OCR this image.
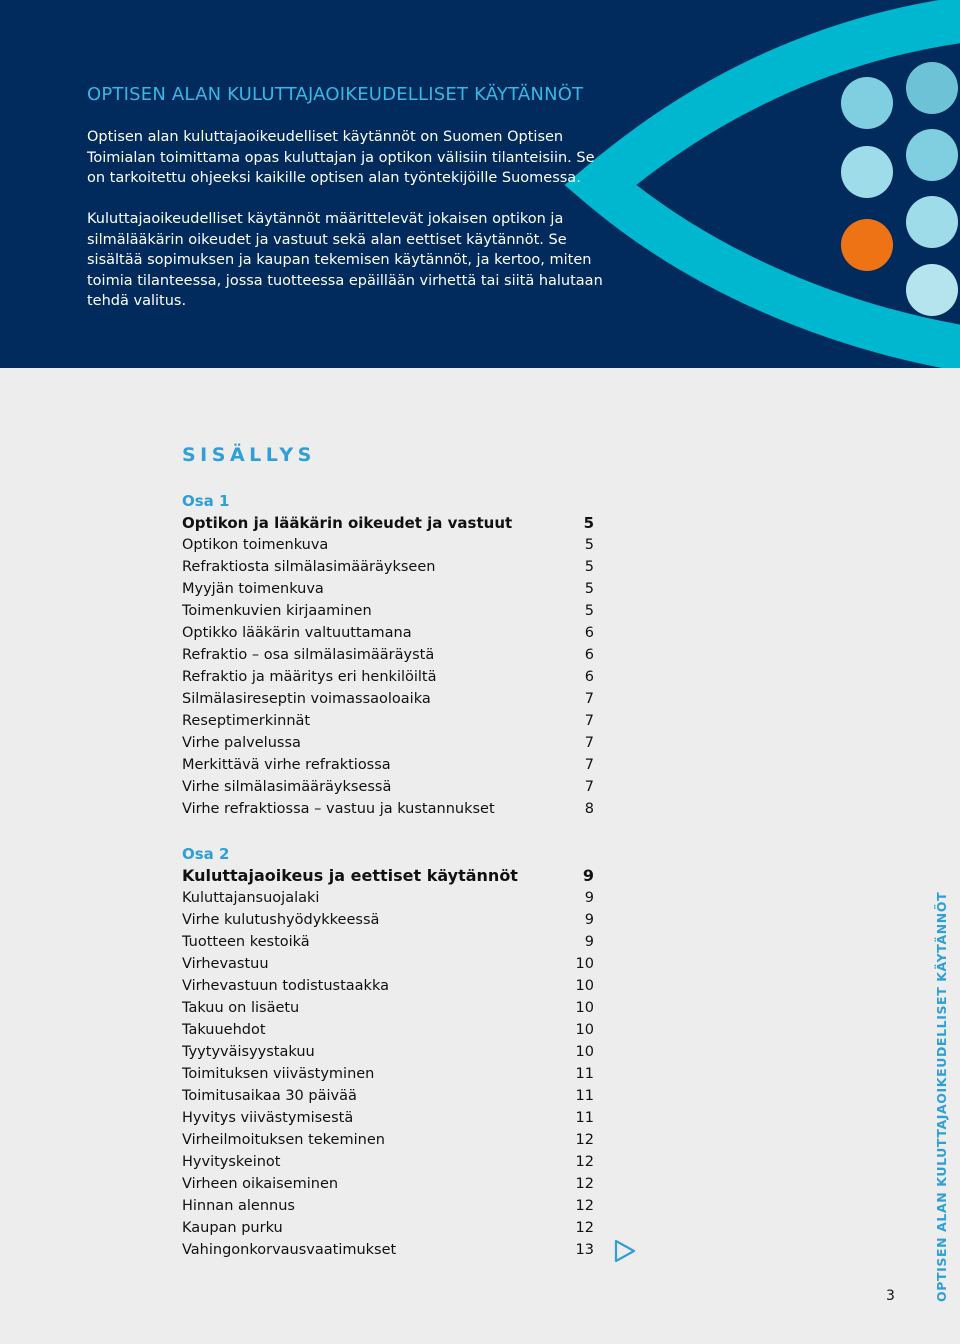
OPTISEN ALAN KULUTTAJAOIKEUDELLISET KÄYTÄNNÖT

Optisen alan kuluttajaoikeudelliset käytännöt on Suomen Optisen Toimialan toimittama opas kuluttajan ja optikon välisiin tilanteisiin. Se on tarkoitettu ohjeeksi kaikille optisen alan työntekijöille Suomessa.

Kuluttajaoikeudelliset käytännöt määrittelevät jokaisen optikon ja silmälääkärin oikeudet ja vastuut sekä alan eettiset käytännöt. Se sisältää sopimuksen ja kaupan tekemisen käytännöt, ja kertoo, miten toimia tilanteessa, jossa tuotteessa epäillään virhettä tai siitä halutaan tehdä valitus.

SISÄLLYS
Osa 1
Optikon ja lääkärin oikeudet ja vastuut	5
Optikon toimenkuva	5
Refraktiosta silmälasimääräykseen	5
Myyjän toimenkuva	5
Toimenkuvien kirjaaminen	5
Optikko lääkärin valtuuttamana	6
Refraktio – osa silmälasimääräystä	6
Refraktio ja määritys eri henkilöiltä	6
Silmälasireseptin voimassaoloaika	7
Reseptimerkinnät	7
Virhe palvelussa	7
Merkittävä virhe refraktiossa	7
Virhe silmälasimääräyksessä	7
Virhe refraktiossa – vastuu ja kustannukset	8
Osa 2
Kuluttajaoikeus ja eettiset käytännöt	9
Kuluttajansuojalaki	9
Virhe kulutushyödykkeessä	9
Tuotteen kestoikä	9
Virhevastuu	10
Virhevastuun todistustaakka	10
Takuu on lisäetu	10
Takuuehdot	10
Tyytyväisyystakuu	10
Toimituksen viivästyminen	11
Toimitusaikaa 30 päivää	11
Hyvitys viivästymisestä	11
Virheilmoituksen tekeminen	12
Hyvityskeinot	12
Virheen oikaiseminen	12
Hinnan alennus	12
Kaupan purku	12
Vahingonkorvausvaatimukset	13
3	OPTISEN ALAN KULUTTAJAOIKEUDELLISET KÄYTÄNNÖT
